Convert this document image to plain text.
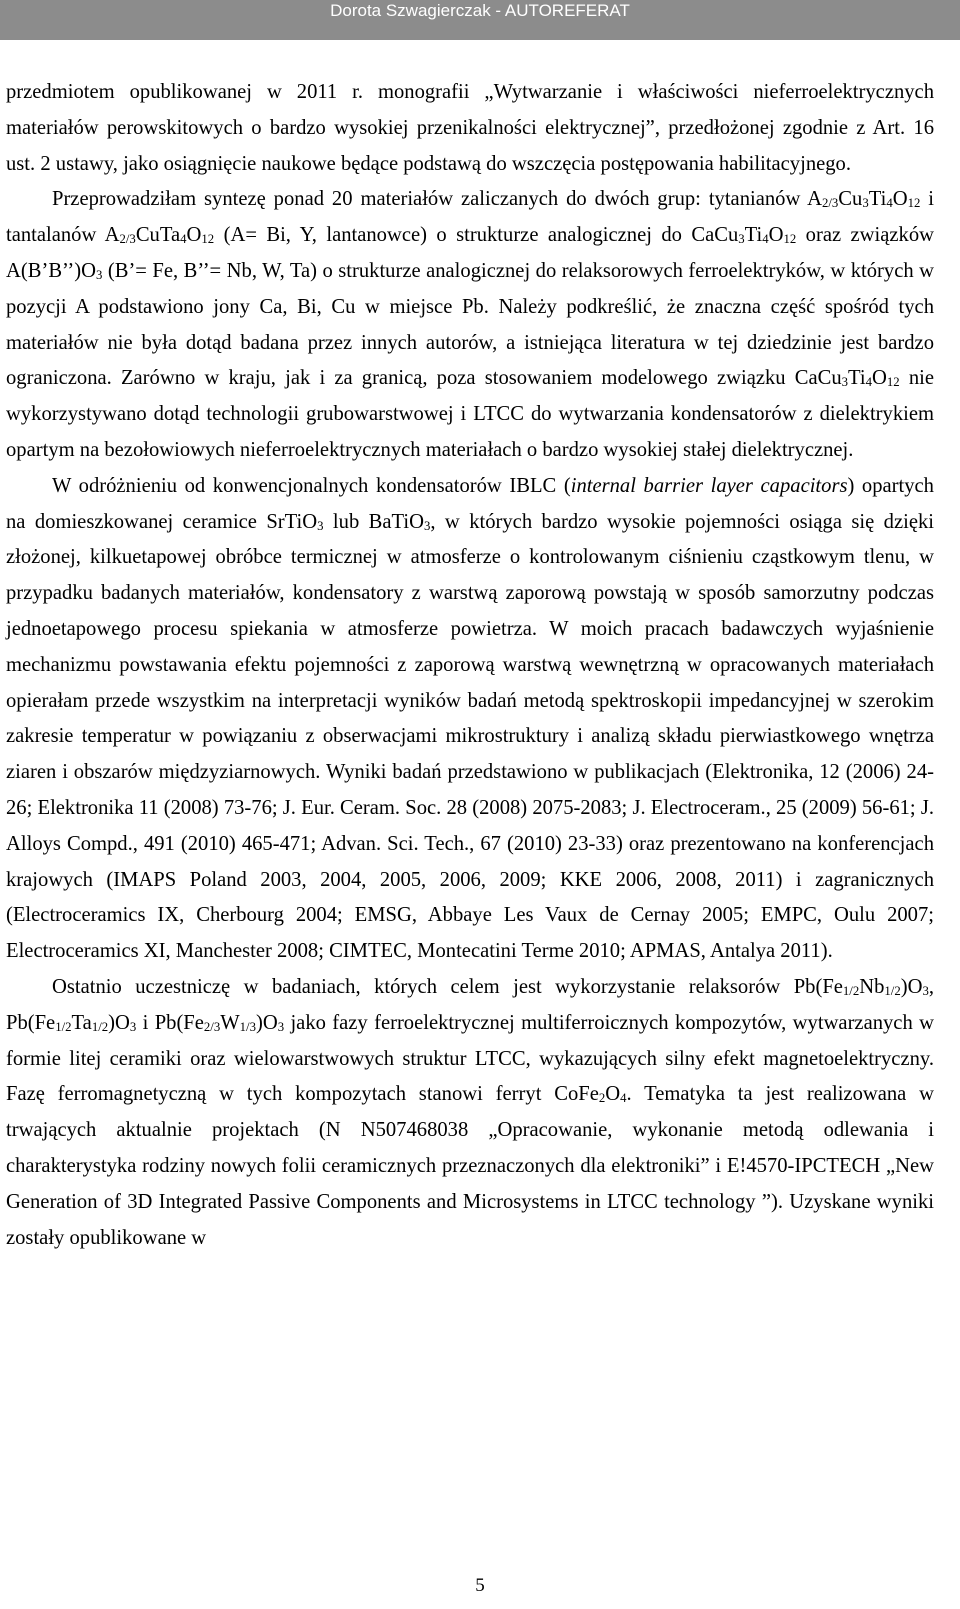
Dorota Szwagierczak - AUTOREFERAT

przedmiotem opublikowanej w 2011 r. monografii „Wytwarzanie i właściwości nieferroelektrycznych materiałów perowskitowych o bardzo wysokiej przenikalności elektrycznej”, przedłożonej zgodnie z Art. 16 ust. 2 ustawy, jako osiągnięcie naukowe będące podstawą do wszczęcia postępowania habilitacyjnego.

Przeprowadziłam syntezę ponad 20 materiałów zaliczanych do dwóch grup: tytanianów $A_{2/3}Cu_3Ti_4O_{12}$ i tantalanów $A_{2/3}CuTa_4O_{12}$ (A= Bi, Y, lantanowce) o strukturze analogicznej do $CaCu_3Ti_4O_{12}$ oraz związków $A(B’B’’)O_3$ (B’= Fe, B’’= Nb, W, Ta) o strukturze analogicznej do relaksorowych ferroelektryków, w których w pozycji A podstawiono jony Ca, Bi, Cu w miejsce Pb. Należy podkreślić, że znaczna część spośród tych materiałów nie była dotąd badana przez innych autorów, a istniejąca literatura w tej dziedzinie jest bardzo ograniczona. Zarówno w kraju, jak i za granicą, poza stosowaniem modelowego związku $CaCu_3Ti_4O_{12}$ nie wykorzystywano dotąd technologii grubowarstwowej i LTCC do wytwarzania kondensatorów z dielektrykiem opartym na bezołowiowych nieferroelektrycznych materiałach o bardzo wysokiej stałej dielektrycznej.

W odróżnieniu od konwencjonalnych kondensatorów IBLC (internal barrier layer capacitors) opartych na domieszkowanej ceramice SrTiO$_3$ lub BaTiO$_3$, w których bardzo wysokie pojemności osiąga się dzięki złożonej, kilkuetapowej obróbce termicznej w atmosferze o kontrolowanym ciśnieniu cząstkowym tlenu, w przypadku badanych materiałów, kondensatory z warstwą zaporową powstają w sposób samorzutny podczas jednoetapowego procesu spiekania w atmosferze powietrza. W moich pracach badawczych wyjaśnienie mechanizmu powstawania efektu pojemności z zaporową warstwą wewnętrzną w opracowanych materiałach opierałam przede wszystkim na interpretacji wyników badań metodą spektroskopii impedancyjnej w szerokim zakresie temperatur w powiązaniu z obserwacjami mikrostruktury i analizą składu pierwiastkowego wnętrza ziaren i obszarów międzyziarnowych. Wyniki badań przedstawiono w publikacjach (Elektronika, 12 (2006) 24-26; Elektronika 11 (2008) 73-76; J. Eur. Ceram. Soc. 28 (2008) 2075-2083; J. Electroceram., 25 (2009) 56-61; J. Alloys Compd., 491 (2010) 465-471; Advan. Sci. Tech., 67 (2010) 23-33) oraz prezentowano na konferencjach krajowych (IMAPS Poland 2003, 2004, 2005, 2006, 2009; KKE 2006, 2008, 2011) i zagranicznych (Electroceramics IX, Cherbourg 2004; EMSG, Abbaye Les Vaux de Cernay 2005; EMPC, Oulu 2007; Electroceramics XI, Manchester 2008; CIMTEC, Montecatini Terme 2010; APMAS, Antalya 2011).

Ostatnio uczestniczę w badaniach, których celem jest wykorzystanie relaksorów $Pb(Fe_{1/2}Nb_{1/2})O_3$, $Pb(Fe_{1/2}Ta_{1/2})O_3$ i $Pb(Fe_{2/3}W_{1/3})O_3$ jako fazy ferroelektrycznej multiferroicznych kompozytów, wytwarzanych w formie litej ceramiki oraz wielowarstwowych struktur LTCC, wykazujących silny efekt magnetoelektryczny. Fazę ferromagnetyczną w tych kompozytach stanowi ferryt $CoFe_2O_4$. Tematyka ta jest realizowana w trwających aktualnie projektach (N N507468038 „Opracowanie, wykonanie metodą odlewania i charakterystyka rodziny nowych folii ceramicznych przeznaczonych dla elektroniki” i E!4570-IPCTECH „New Generation of 3D Integrated Passive Components and Microsystems in LTCC technology ”). Uzyskane wyniki zostały opublikowane w

5
